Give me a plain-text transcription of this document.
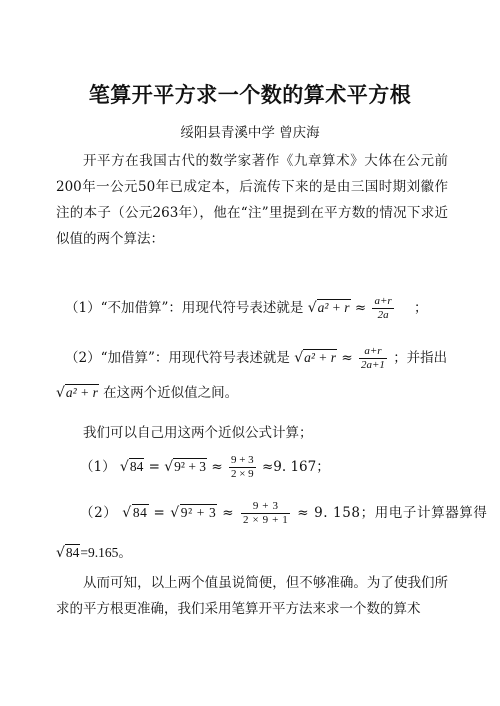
笔算开平方求一个数的算术平方根
绥阳县青溪中学 曾庆海
开平方在我国古代的数学家著作《九章算术》大体在公元前200年一公元50年已成定本，后流传下来的是由三国时期刘徽作注的本子（公元263年），他在“注”里提到在平方数的情况下求近似值的两个算法：
（1）“不加借算”：用现代符号表述就是 $√a^2 + r \approx \frac{a+r}{2a}$ ；
（2）“加借算”：用现代符号表述就是 $√a^2 + r \approx \frac{a+r}{2a+1}$ ；并指出
√a² + r 在这两个近似值之间。
我们可以自己用这两个近似公式计算；
（1） $√84 = √9^2 + 3 \approx \frac{9 + 3}{2 \times 9} \approx 9$. 167；
（2） $√84 = √9^2 + 3 \approx \frac{9 + 3}{2 \times 9 + 1} \approx 9$. 158；用电子计算器算得
√84=9.165。
从而可知，以上两个值虽说简便，但不够准确。为了使我们所求的平方根更准确，我们采用笔算开平方法来求一个数的算术
